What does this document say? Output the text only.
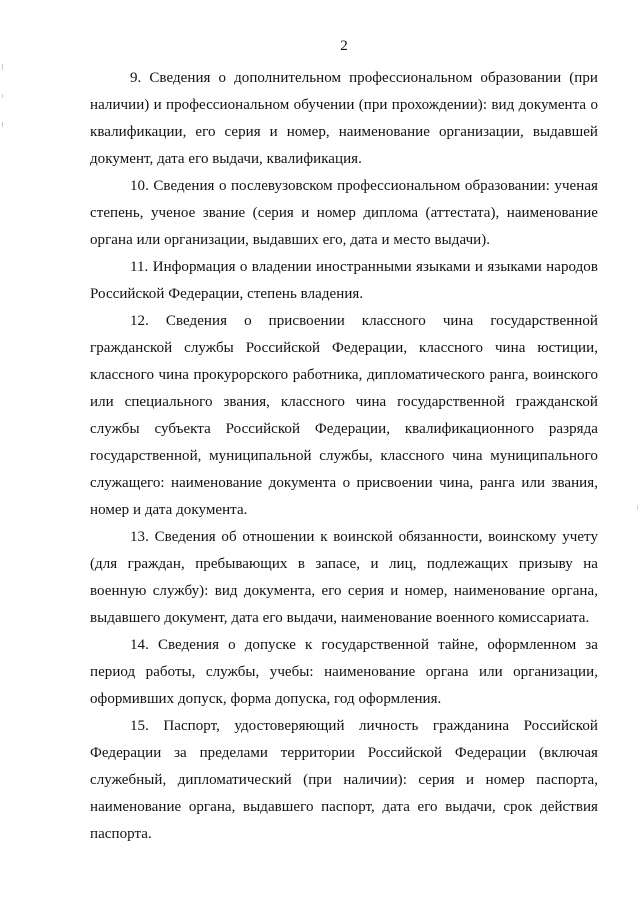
2

9. Сведения о дополнительном профессиональном образовании (при наличии) и профессиональном обучении (при прохождении): вид документа о квалификации, его серия и номер, наименование организации, выдавшей документ, дата его выдачи, квалификация.

10. Сведения о послевузовском профессиональном образовании: ученая степень, ученое звание (серия и номер диплома (аттестата), наименование органа или организации, выдавших его, дата и место выдачи).

11. Информация о владении иностранными языками и языками народов Российской Федерации, степень владения.

12. Сведения о присвоении классного чина государственной гражданской службы Российской Федерации, классного чина юстиции, классного чина прокурорского работника, дипломатического ранга, воинского или специального звания, классного чина государственной гражданской службы субъекта Российской Федерации, квалификационного разряда государственной, муниципальной службы, классного чина муниципального служащего: наименование документа о присвоении чина, ранга или звания, номер и дата документа.

13. Сведения об отношении к воинской обязанности, воинскому учету (для граждан, пребывающих в запасе, и лиц, подлежащих призыву на военную службу): вид документа, его серия и номер, наименование органа, выдавшего документ, дата его выдачи, наименование военного комиссариата.

14. Сведения о допуске к государственной тайне, оформленном за период работы, службы, учебы: наименование органа или организации, оформивших допуск, форма допуска, год оформления.

15. Паспорт, удостоверяющий личность гражданина Российской Федерации за пределами территории Российской Федерации (включая служебный, дипломатический (при наличии): серия и номер паспорта, наименование органа, выдавшего паспорт, дата его выдачи, срок действия паспорта.
